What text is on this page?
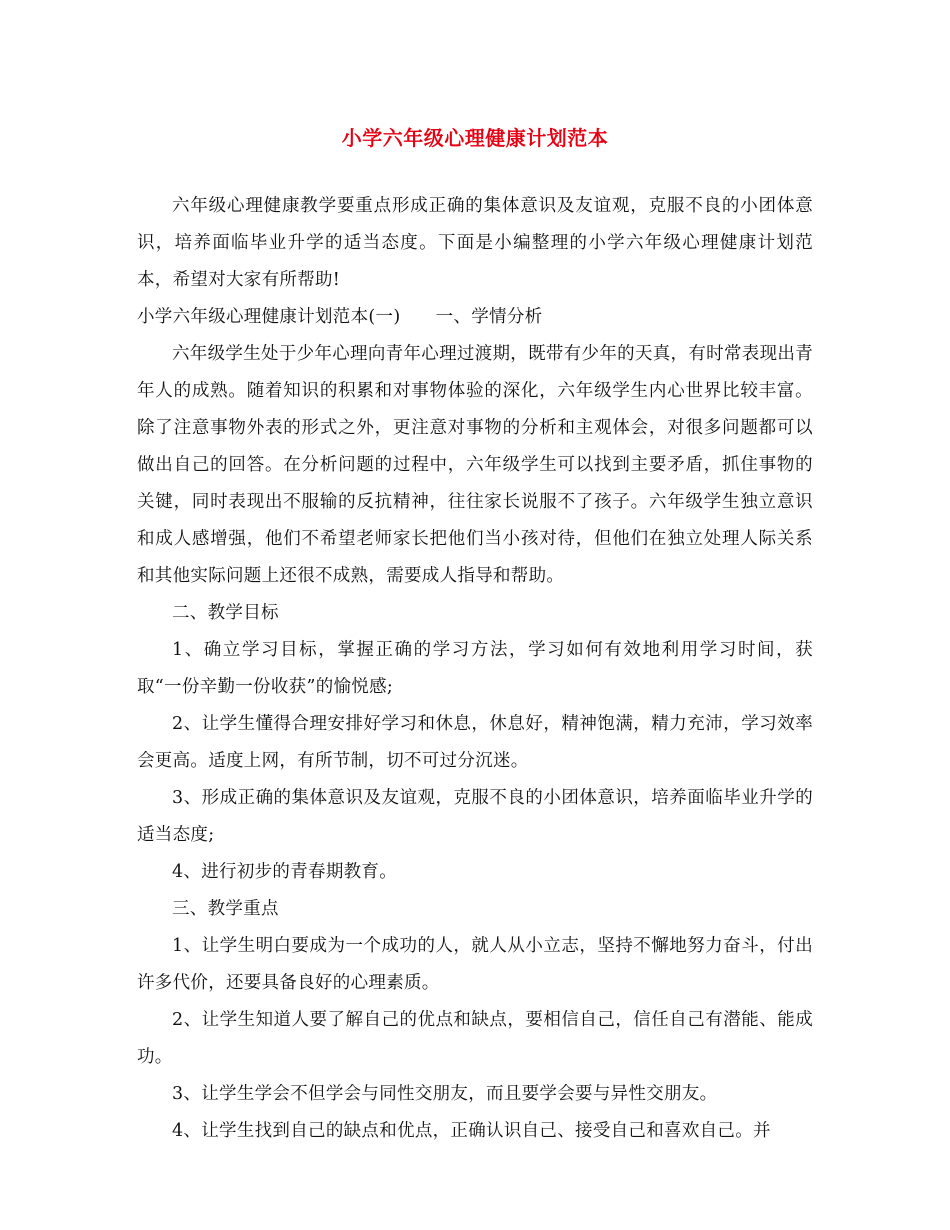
小学六年级心理健康计划范本

六年级心理健康教学要重点形成正确的集体意识及友谊观，克服不良的小团体意识，培养面临毕业升学的适当态度。下面是小编整理的小学六年级心理健康计划范本，希望对大家有所帮助!

小学六年级心理健康计划范本(一)      一、学情分析

六年级学生处于少年心理向青年心理过渡期，既带有少年的天真，有时常表现出青年人的成熟。随着知识的积累和对事物体验的深化，六年级学生内心世界比较丰富。除了注意事物外表的形式之外，更注意对事物的分析和主观体会，对很多问题都可以做出自己的回答。在分析问题的过程中，六年级学生可以找到主要矛盾，抓住事物的关键，同时表现出不服输的反抗精神，往往家长说服不了孩子。六年级学生独立意识和成人感增强，他们不希望老师家长把他们当小孩对待，但他们在独立处理人际关系和其他实际问题上还很不成熟，需要成人指导和帮助。

二、教学目标

1、确立学习目标，掌握正确的学习方法，学习如何有效地利用学习时间，获取“一份辛勤一份收获”的愉悦感;

2、让学生懂得合理安排好学习和休息，休息好，精神饱满，精力充沛，学习效率会更高。适度上网，有所节制，切不可过分沉迷。

3、形成正确的集体意识及友谊观，克服不良的小团体意识，培养面临毕业升学的适当态度;

4、进行初步的青春期教育。

三、教学重点

1、让学生明白要成为一个成功的人，就人从小立志，坚持不懈地努力奋斗，付出许多代价，还要具备良好的心理素质。

2、让学生知道人要了解自己的优点和缺点，要相信自己，信任自己有潜能、能成功。

3、让学生学会不但学会与同性交朋友，而且要学会要与异性交朋友。

4、让学生找到自己的缺点和优点，正确认识自己、接受自己和喜欢自己。并
